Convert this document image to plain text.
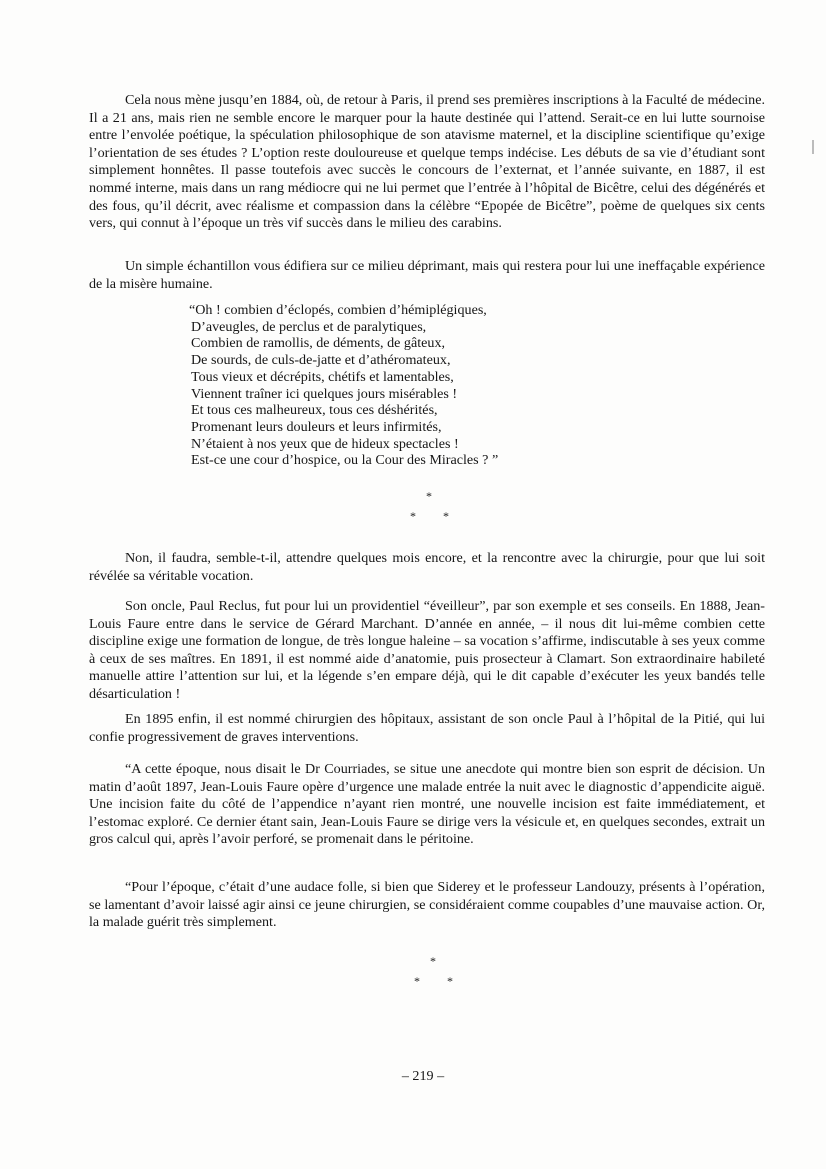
Cela nous mène jusqu’en 1884, où, de retour à Paris, il prend ses premières inscriptions à la Faculté de médecine. Il a 21 ans, mais rien ne semble encore le marquer pour la haute destinée qui l’attend. Serait-ce en lui lutte sournoise entre l’envolée poétique, la spéculation philosophique de son atavisme maternel, et la discipline scientifique qu’exige l’orientation de ses études ? L’option reste douloureuse et quelque temps indécise. Les débuts de sa vie d’étudiant sont simplement honnêtes. Il passe toutefois avec succès le concours de l’externat, et l’année suivante, en 1887, il est nommé interne, mais dans un rang médiocre qui ne lui permet que l’entrée à l’hôpital de Bicêtre, celui des dégénérés et des fous, qu’il décrit, avec réalisme et compassion dans la célèbre “Epopée de Bicêtre”, poème de quelques six cents vers, qui connut à l’époque un très vif succès dans le milieu des carabins.

Un simple échantillon vous édifiera sur ce milieu déprimant, mais qui restera pour lui une ineffaçable expérience de la misère humaine.

“Oh ! combien d’éclopés, combien d’hémiplégiques,
D’aveugles, de perclus et de paralytiques,
Combien de ramollis, de déments, de gâteux,
De sourds, de culs-de-jatte et d’athéromateux,
Tous vieux et décrépits, chétifs et lamentables,
Viennent traîner ici quelques jours misérables !
Et tous ces malheureux, tous ces déshérités,
Promenant leurs douleurs et leurs infirmités,
N’étaient à nos yeux que de hideux spectacles !
Est-ce une cour d’hospice, ou la Cour des Miracles ? ”
*
* *

Non, il faudra, semble-t-il, attendre quelques mois encore, et la rencontre avec la chirurgie, pour que lui soit révélée sa véritable vocation.

Son oncle, Paul Reclus, fut pour lui un providentiel “éveilleur”, par son exemple et ses conseils. En 1888, Jean-Louis Faure entre dans le service de Gérard Marchant. D’année en année, – il nous dit lui-même combien cette discipline exige une formation de longue, de très longue haleine – sa vocation s’affirme, indiscutable à ses yeux comme à ceux de ses maîtres. En 1891, il est nommé aide d’anatomie, puis prosecteur à Clamart. Son extraordinaire habileté manuelle attire l’attention sur lui, et la légende s’en empare déjà, qui le dit capable d’exécuter les yeux bandés telle désarticulation !

En 1895 enfin, il est nommé chirurgien des hôpitaux, assistant de son oncle Paul à l’hôpital de la Pitié, qui lui confie progressivement de graves interventions.

“A cette époque, nous disait le Dr Courriades, se situe une anecdote qui montre bien son esprit de décision. Un matin d’août 1897, Jean-Louis Faure opère d’urgence une malade entrée la nuit avec le diagnostic d’appendicite aiguë. Une incision faite du côté de l’appendice n’ayant rien montré, une nouvelle incision est faite immédiatement, et l’estomac exploré. Ce dernier étant sain, Jean-Louis Faure se dirige vers la vésicule et, en quelques secondes, extrait un gros calcul qui, après l’avoir perforé, se promenait dans le péritoine.

“Pour l’époque, c’était d’une audace folle, si bien que Siderey et le professeur Landouzy, présents à l’opération, se lamentant d’avoir laissé agir ainsi ce jeune chirurgien, se considéraient comme coupables d’une mauvaise action. Or, la malade guérit très simplement.

*
* *
– 219 –
